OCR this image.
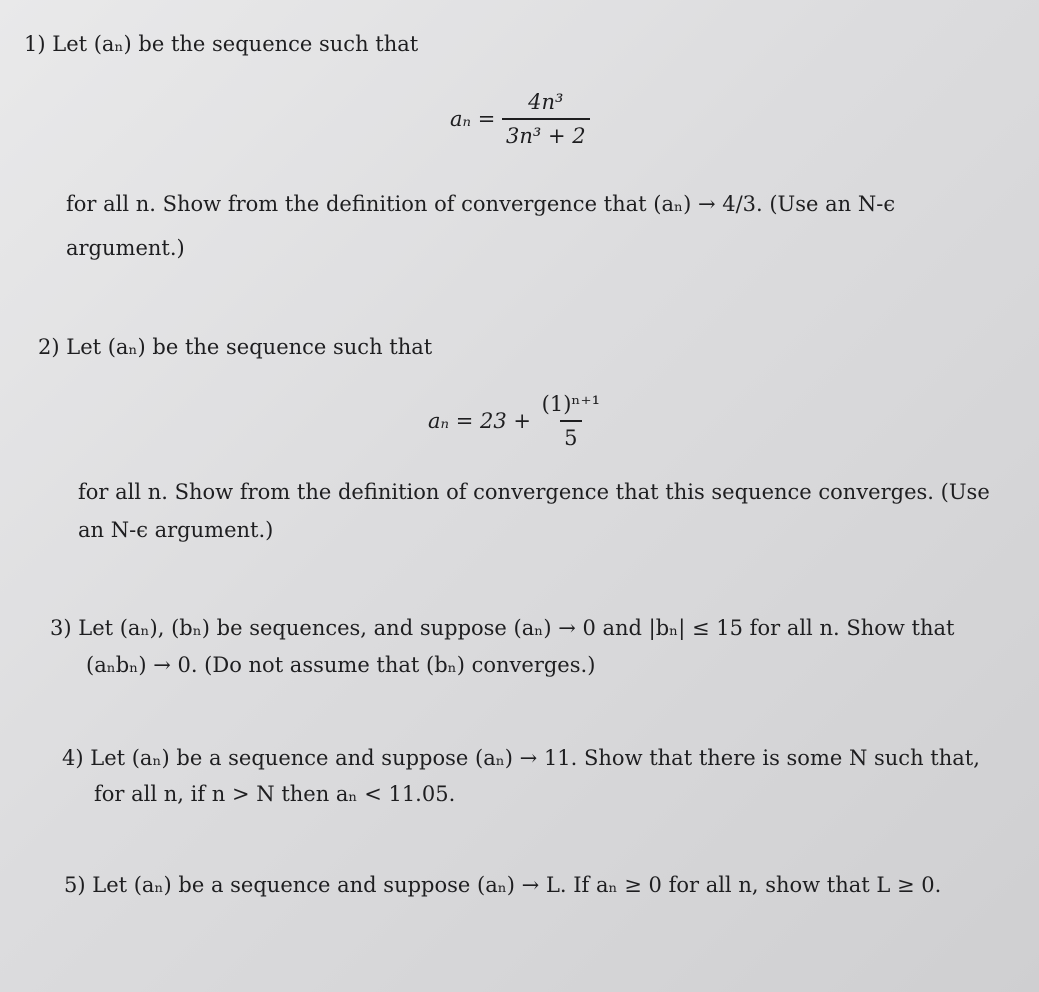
1) Let (aₙ) be the sequence such that
$a_n = \frac{\text{4n³}}{\text{3n³ + 2}}$
for all n. Show from the definition of convergence that (aₙ) → 4/3. (Use an N-ϵ
argument.)
2) Let (aₙ) be the sequence such that
$a_n = 23 + \frac{\text{(1)ⁿ⁺¹}}{5}$
for all n. Show from the definition of convergence that this sequence converges. (Use
an N-ϵ argument.)
3) Let (aₙ), (bₙ) be sequences, and suppose (aₙ) → 0 and |bₙ| ≤ 15 for all n. Show that
(aₙbₙ) → 0. (Do not assume that (bₙ) converges.)
4) Let (aₙ) be a sequence and suppose (aₙ) → 11. Show that there is some N such that,
for all n, if n > N then aₙ < 11.05.
5) Let (aₙ) be a sequence and suppose (aₙ) → L. If aₙ ≥ 0 for all n, show that L ≥ 0.
